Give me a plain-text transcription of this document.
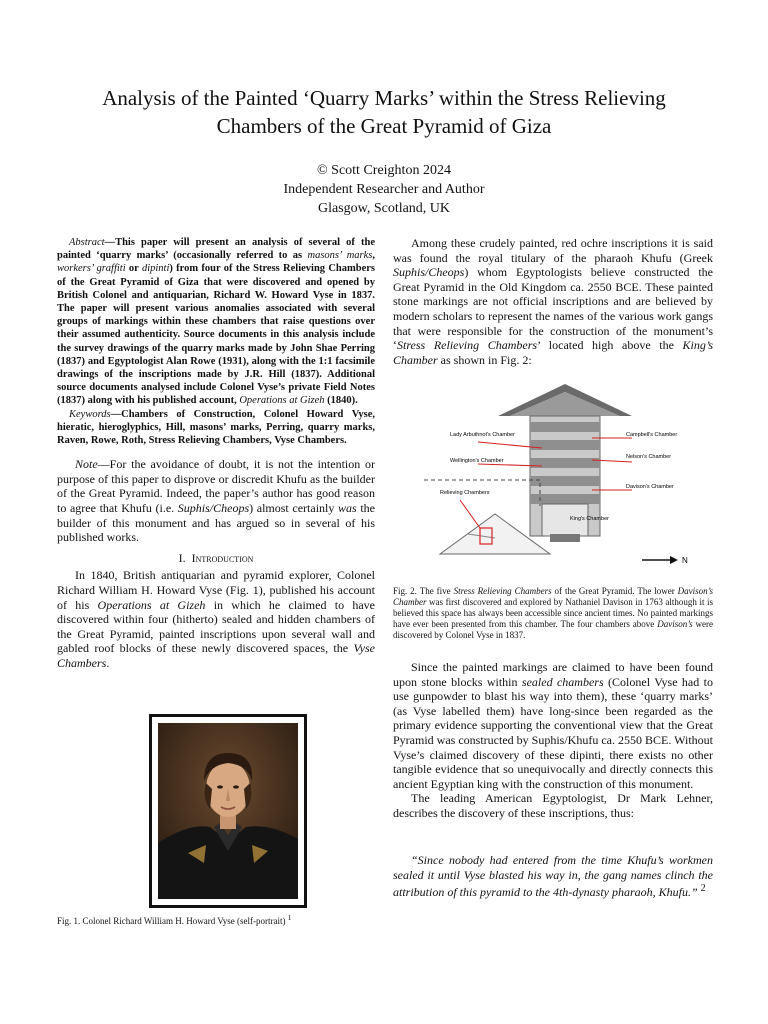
Analysis of the Painted ‘Quarry Marks’ within the Stress Relieving
Chambers of the Great Pyramid of Giza
© Scott Creighton 2024
Independent Researcher and Author
Glasgow, Scotland, UK

Abstract—This paper will present an analysis of several of the painted ‘quarry marks’ (occasionally referred to as masons’ marks, workers’ graffiti or dipinti) from four of the Stress Relieving Chambers of the Great Pyramid of Giza that were discovered and opened by British Colonel and antiquarian, Richard W. Howard Vyse in 1837. The paper will present various anomalies associated with several groups of markings within these chambers that raise questions over their assumed authenticity. Source documents in this analysis include the survey drawings of the quarry marks made by John Shae Perring (1837) and Egyptologist Alan Rowe (1931), along with the 1:1 facsimile drawings of the inscriptions made by J.R. Hill (1837). Additional source documents analysed include Colonel Vyse’s private Field Notes (1837) along with his published account, Operations at Gizeh (1840).

Keywords—Chambers of Construction, Colonel Howard Vyse, hieratic, hieroglyphics, Hill, masons’ marks, Perring, quarry marks, Raven, Rowe, Roth, Stress Relieving Chambers, Vyse Chambers.

Note—For the avoidance of doubt, it is not the intention or purpose of this paper to disprove or discredit Khufu as the builder of the Great Pyramid. Indeed, the paper’s author has good reason to agree that Khufu (i.e. Suphis/Cheops) almost certainly was the builder of this monument and has argued so in several of his published works.

I. Introduction

In 1840, British antiquarian and pyramid explorer, Colonel Richard William H. Howard Vyse (Fig. 1), published his account of his Operations at Gizeh in which he claimed to have discovered within four (hitherto) sealed and hidden chambers of the Great Pyramid, painted inscriptions upon several wall and gabled roof blocks of these newly discovered spaces, the Vyse Chambers.

Fig. 1. Colonel Richard William H. Howard Vyse (self-portrait) $^1$

Among these crudely painted, red ochre inscriptions it is said was found the royal titulary of the pharaoh Khufu (Greek Suphis/Cheops) whom Egyptologists believe constructed the Great Pyramid in the Old Kingdom ca. 2550 BCE. These painted stone markings are not official inscriptions and are believed by modern scholars to represent the names of the various work gangs that were responsible for the construction of the monument’s ‘Stress Relieving Chambers’ located high above the King’s Chamber as shown in Fig. 2:

Lady Arbuthnot's Chamber
Wellington's Chamber
Campbell's Chamber
Nelson's Chamber
Davison's Chamber
King's Chamber
Relieving Chambers
N
Fig. 2. The five Stress Relieving Chambers of the Great Pyramid. The lower Davison’s Chamber was first discovered and explored by Nathaniel Davison in 1763 although it is believed this space has always been accessible since ancient times. No painted markings have ever been presented from this chamber. The four chambers above Davison’s were discovered by Colonel Vyse in 1837.

Since the painted markings are claimed to have been found upon stone blocks within sealed chambers (Colonel Vyse had to use gunpowder to blast his way into them), these ‘quarry marks’ (as Vyse labelled them) have long-since been regarded as the primary evidence supporting the conventional view that the Great Pyramid was constructed by Suphis/Khufu ca. 2550 BCE. Without Vyse’s claimed discovery of these dipinti, there exists no other tangible evidence that so unequivocally and directly connects this ancient Egyptian king with the construction of this monument.

The leading American Egyptologist, Dr Mark Lehner, describes the discovery of these inscriptions, thus:

“Since nobody had entered from the time Khufu’s workmen sealed it until Vyse blasted his way in, the gang names clinch the attribution of this pyramid to the 4th-dynasty pharaoh, Khufu.” $^2$
